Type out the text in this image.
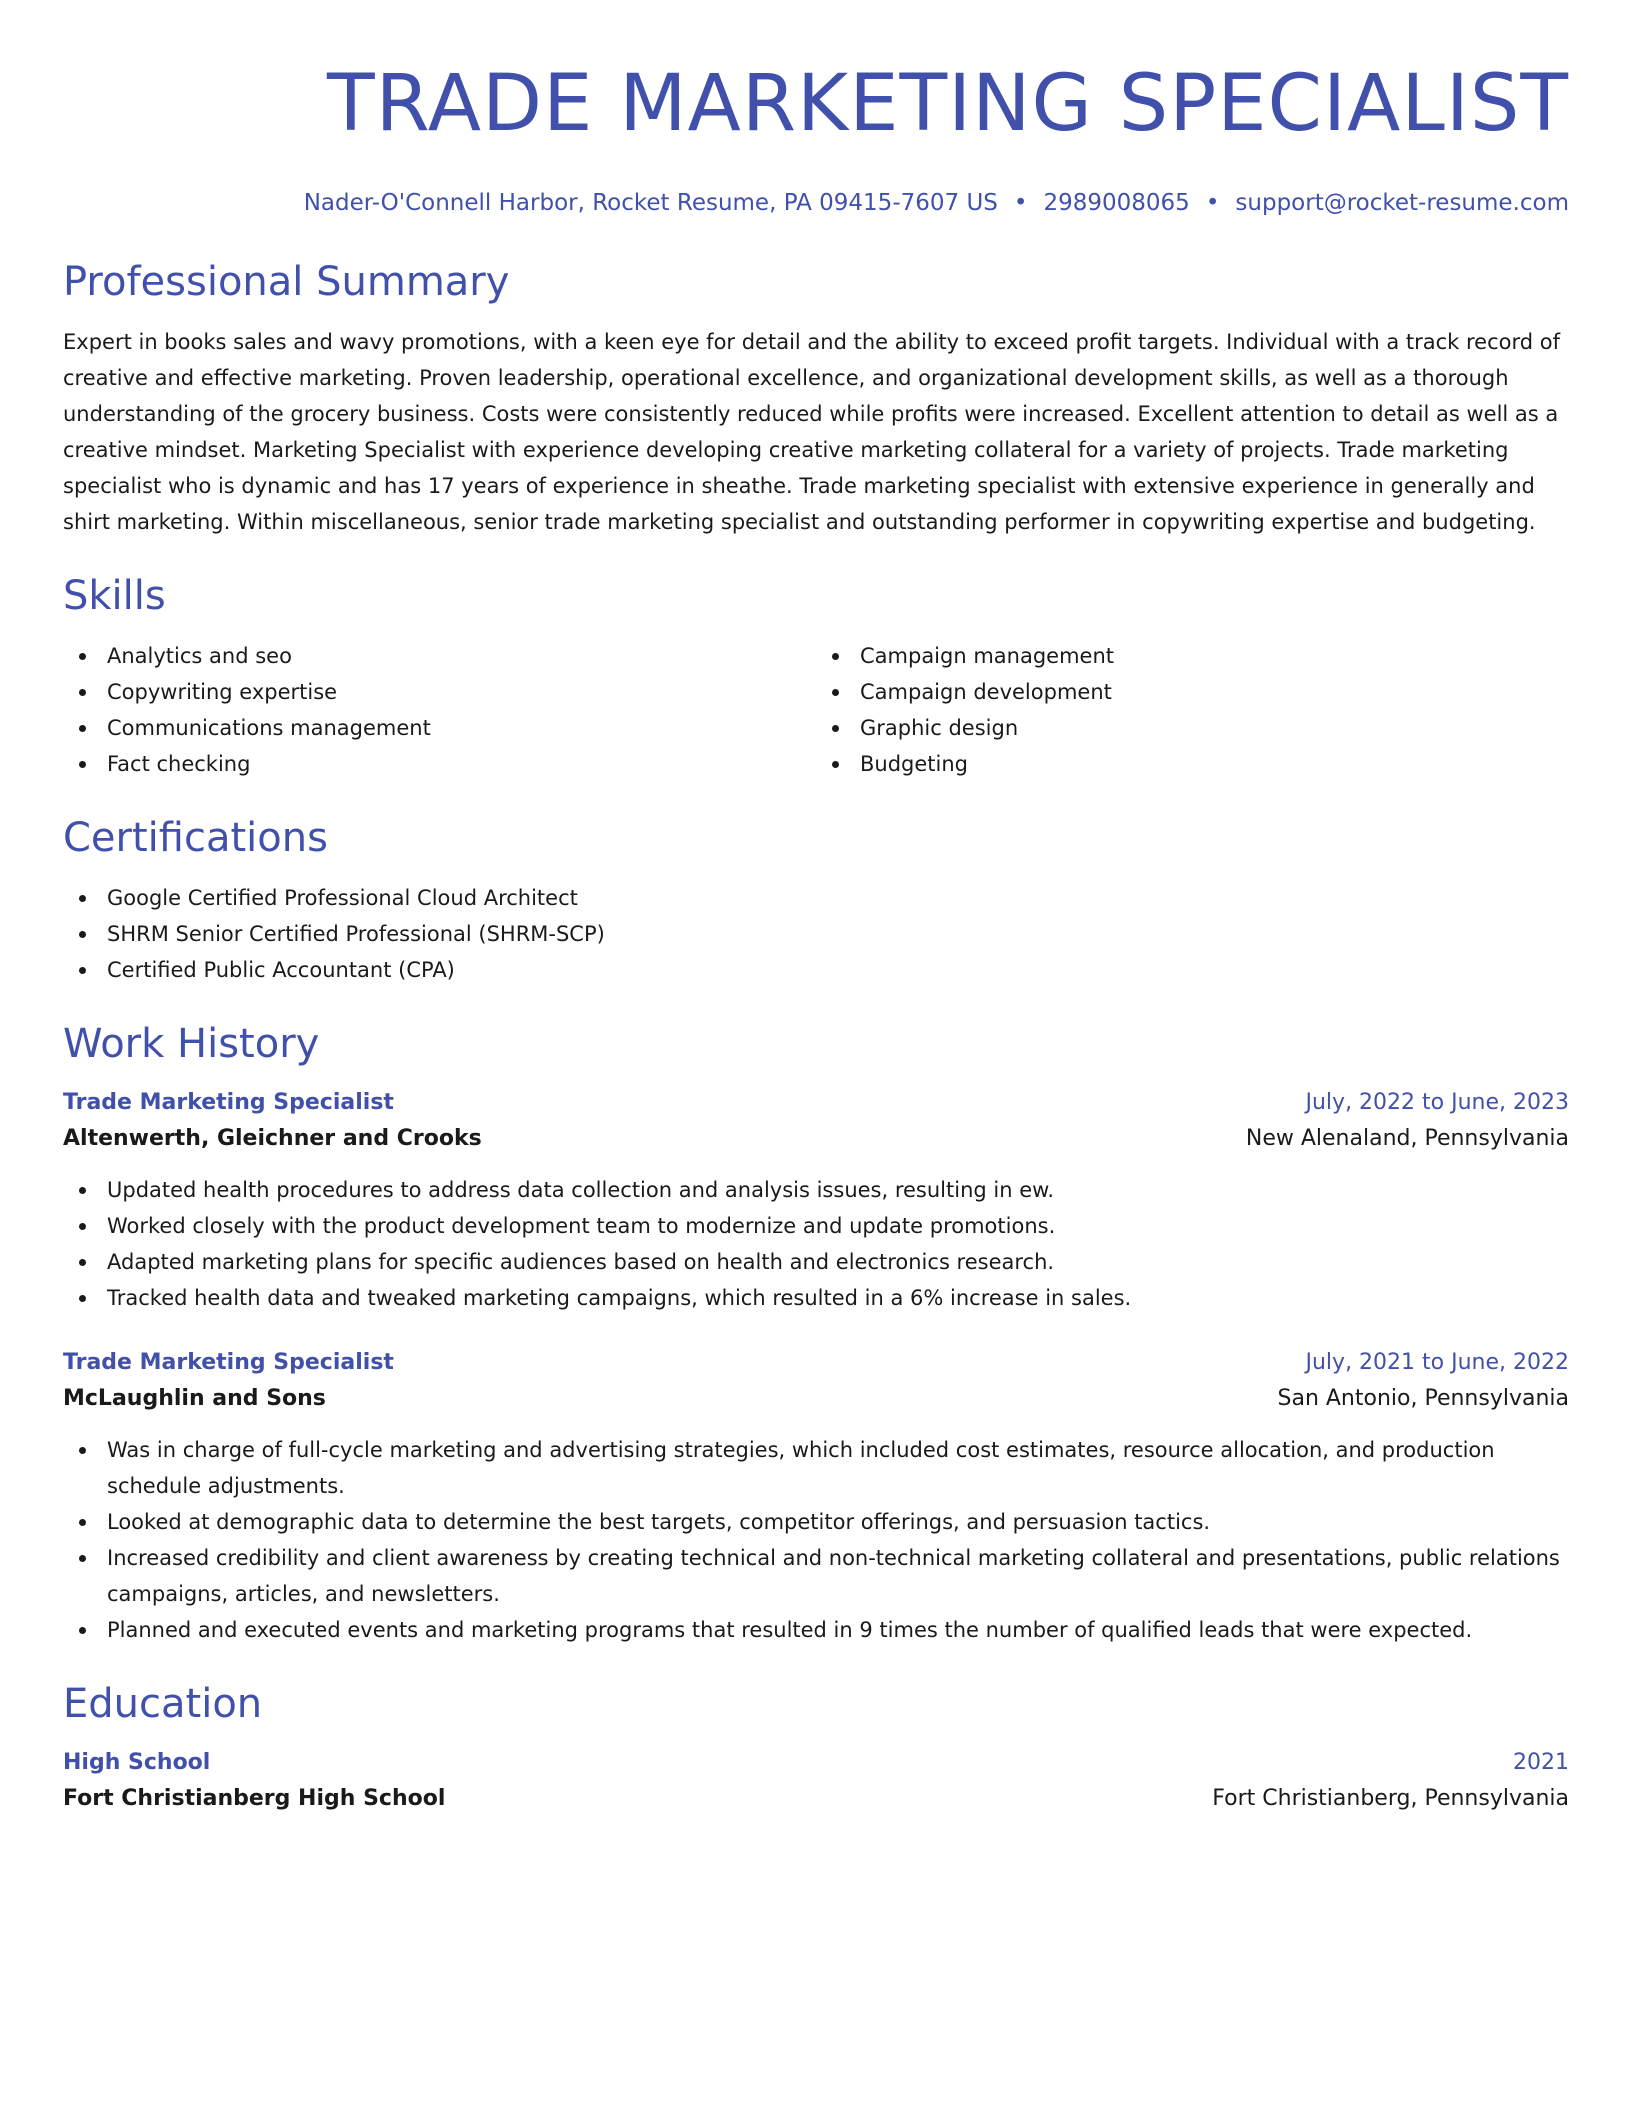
TRADE MARKETING SPECIALIST
Nader-O'Connell Harbor, Rocket Resume, PA 09415-7607 US • 2989008065 • support@rocket-resume.com
Professional Summary

Expert in books sales and wavy promotions, with a keen eye for detail and the ability to exceed profit targets. Individual with a track record of creative and effective marketing. Proven leadership, operational excellence, and organizational development skills, as well as a thorough understanding of the grocery business. Costs were consistently reduced while profits were increased. Excellent attention to detail as well as a creative mindset. Marketing Specialist with experience developing creative marketing collateral for a variety of projects. Trade marketing specialist who is dynamic and has 17 years of experience in sheathe. Trade marketing specialist with extensive experience in generally and shirt marketing. Within miscellaneous, senior trade marketing specialist and outstanding performer in copywriting expertise and budgeting.

Skills
Analytics and seo
Copywriting expertise
Communications management
Fact checking
Campaign management
Campaign development
Graphic design
Budgeting
Certifications
Google Certified Professional Cloud Architect
SHRM Senior Certified Professional (SHRM-SCP)
Certified Public Accountant (CPA)
Work History
Trade Marketing Specialist	July, 2022 to June, 2023
Altenwerth, Gleichner and Crooks	New Alenaland, Pennsylvania
Updated health procedures to address data collection and analysis issues, resulting in ew.
Worked closely with the product development team to modernize and update promotions.
Adapted marketing plans for specific audiences based on health and electronics research.
Tracked health data and tweaked marketing campaigns, which resulted in a 6% increase in sales.
Trade Marketing Specialist	July, 2021 to June, 2022
McLaughlin and Sons	San Antonio, Pennsylvania
Was in charge of full-cycle marketing and advertising strategies, which included cost estimates, resource allocation, and production schedule adjustments.
Looked at demographic data to determine the best targets, competitor offerings, and persuasion tactics.
Increased credibility and client awareness by creating technical and non-technical marketing collateral and presentations, public relations campaigns, articles, and newsletters.
Planned and executed events and marketing programs that resulted in 9 times the number of qualified leads that were expected.
Education
High School	2021
Fort Christianberg High School	Fort Christianberg, Pennsylvania
